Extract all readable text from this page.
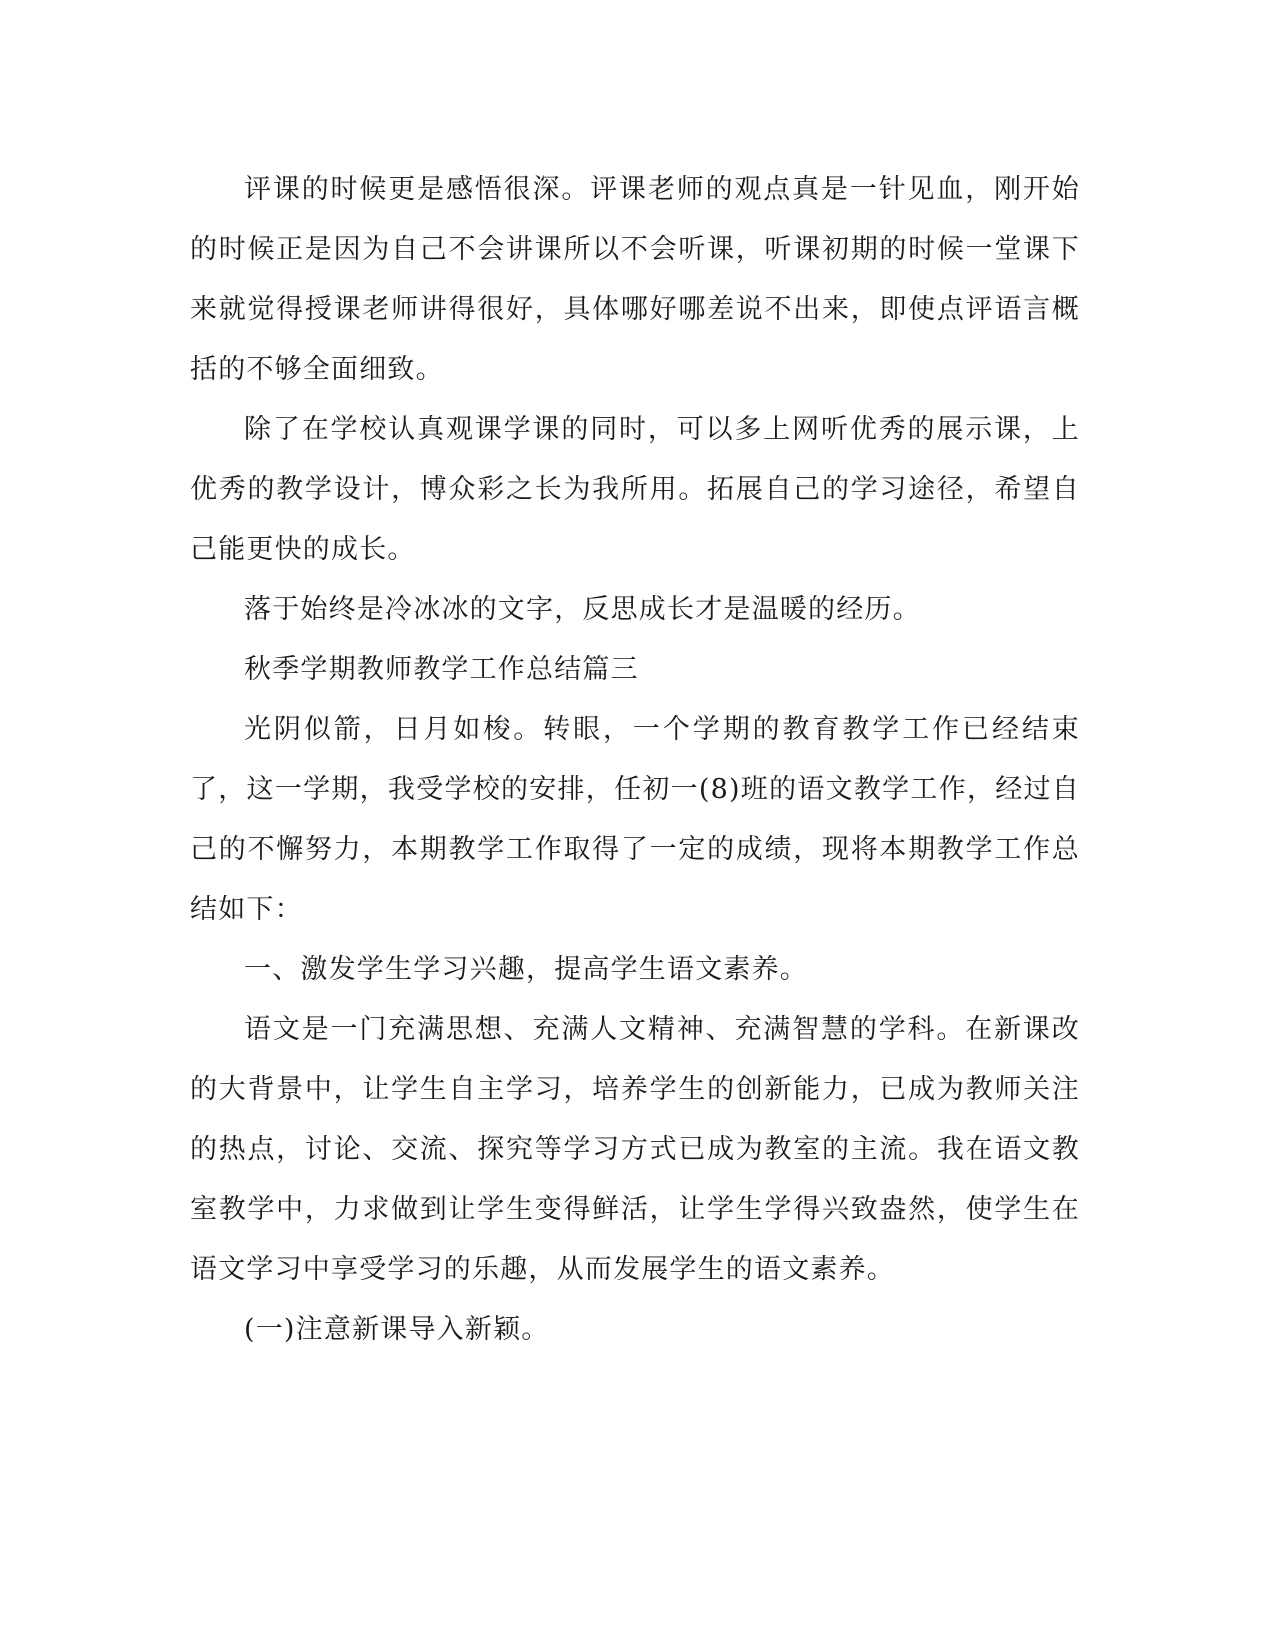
评课的时候更是感悟很深。评课老师的观点真是一针见血，刚开始的时候正是因为自己不会讲课所以不会听课，听课初期的时候一堂课下来就觉得授课老师讲得很好，具体哪好哪差说不出来，即使点评语言概括的不够全面细致。

除了在学校认真观课学课的同时，可以多上网听优秀的展示课，上优秀的教学设计，博众彩之长为我所用。拓展自己的学习途径，希望自己能更快的成长。

落于始终是冷冰冰的文字，反思成长才是温暖的经历。

秋季学期教师教学工作总结篇三

光阴似箭，日月如梭。转眼，一个学期的教育教学工作已经结束了，这一学期，我受学校的安排，任初一(8)班的语文教学工作，经过自己的不懈努力，本期教学工作取得了一定的成绩，现将本期教学工作总结如下：

一、激发学生学习兴趣，提高学生语文素养。

语文是一门充满思想、充满人文精神、充满智慧的学科。在新课改的大背景中，让学生自主学习，培养学生的创新能力，已成为教师关注的热点，讨论、交流、探究等学习方式已成为教室的主流。我在语文教室教学中，力求做到让学生变得鲜活，让学生学得兴致盎然，使学生在语文学习中享受学习的乐趣，从而发展学生的语文素养。

(一)注意新课导入新颖。
